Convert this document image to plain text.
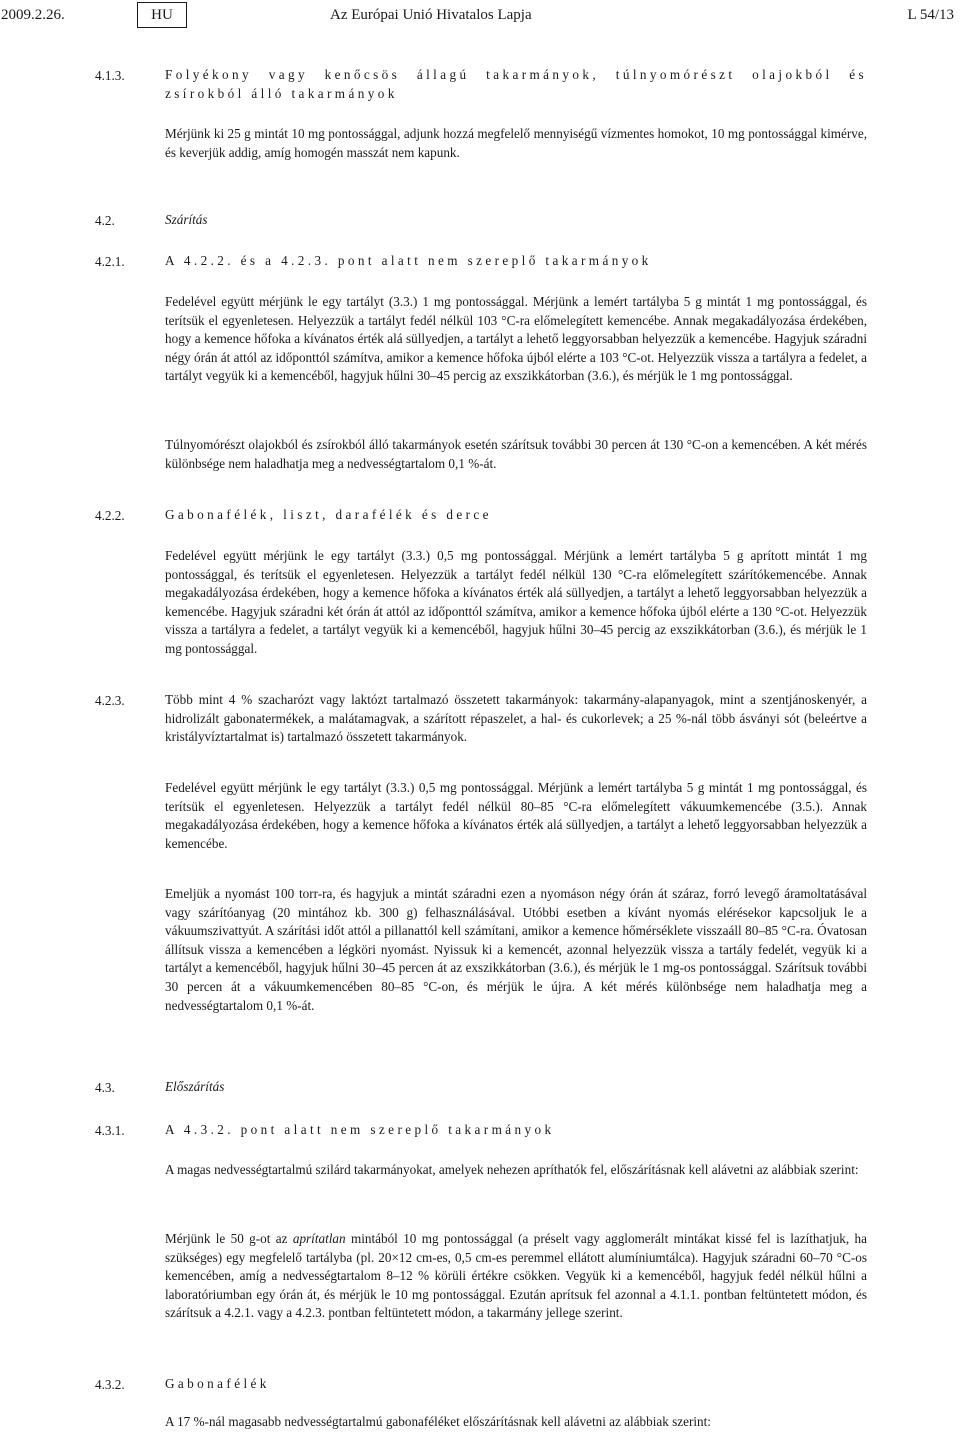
2009.2.26.	HU	Az Európai Unió Hivatalos Lapja	L 54/13
4.1.3.	Folyékony vagy kenőcsös állagú takarmányok, túlnyomórészt olajokból és zsírokból álló takarmányok
Mérjünk ki 25 g mintát 10 mg pontossággal, adjunk hozzá megfelelő mennyiségű vízmentes homokot, 10 mg pontossággal kimérve, és keverjük addig, amíg homogén masszát nem kapunk.
4.2.	Szárítás
4.2.1.	A 4.2.2. és a 4.2.3. pont alatt nem szereplő takarmányok
Fedelével együtt mérjünk le egy tartályt (3.3.) 1 mg pontossággal. Mérjünk a lemért tartályba 5 g mintát 1 mg pontossággal, és terítsük el egyenletesen. Helyezzük a tartályt fedél nélkül 103 °C-ra előmelegített kemencébe. Annak megakadályozása érdekében, hogy a kemence hőfoka a kívánatos érték alá süllyedjen, a tartályt a lehető leggyorsabban helyezzük a kemencébe. Hagyjuk száradni négy órán át attól az időponttól számítva, amikor a kemence hőfoka újból elérte a 103 °C-ot. Helyezzük vissza a tartályra a fedelet, a tartályt vegyük ki a kemencéből, hagyjuk hűlni 30–45 percig az exszikkátorban (3.6.), és mérjük le 1 mg pontossággal.
Túlnyomórészt olajokból és zsírokból álló takarmányok esetén szárítsuk további 30 percen át 130 °C-on a kemencében. A két mérés különbsége nem haladhatja meg a nedvességtartalom 0,1 %-át.
4.2.2.	Gabonafélék, liszt, darafélék és derce
Fedelével együtt mérjünk le egy tartályt (3.3.) 0,5 mg pontossággal. Mérjünk a lemért tartályba 5 g aprított mintát 1 mg pontossággal, és terítsük el egyenletesen. Helyezzük a tartályt fedél nélkül 130 °C-ra előmelegített szárítókemencébe. Annak megakadályozása érdekében, hogy a kemence hőfoka a kívánatos érték alá süllyedjen, a tartályt a lehető leggyorsabban helyezzük a kemencébe. Hagyjuk száradni két órán át attól az időponttól számítva, amikor a kemence hőfoka újból elérte a 130 °C-ot. Helyezzük vissza a tartályra a fedelet, a tartályt vegyük ki a kemencéből, hagyjuk hűlni 30–45 percig az exszikkátorban (3.6.), és mérjük le 1 mg pontossággal.
4.2.3.	Több mint 4 % szacharózt vagy laktózt tartalmazó összetett takarmányok: takarmány-alapanyagok, mint a szentjánoskenyér, a hidrolizált gabonatermékek, a malátamagvak, a szárított répaszelet, a hal- és cukorlevek; a 25 %-nál több ásványi sót (beleértve a kristályvíztartalmat is) tartalmazó összetett takarmányok.
Fedelével együtt mérjünk le egy tartályt (3.3.) 0,5 mg pontossággal. Mérjünk a lemért tartályba 5 g mintát 1 mg pontossággal, és terítsük el egyenletesen. Helyezzük a tartályt fedél nélkül 80–85 °C-ra előmelegített vákuumkemencébe (3.5.). Annak megakadályozása érdekében, hogy a kemence hőfoka a kívánatos érték alá süllyedjen, a tartályt a lehető leggyorsabban helyezzük a kemencébe.
Emeljük a nyomást 100 torr-ra, és hagyjuk a mintát száradni ezen a nyomáson négy órán át száraz, forró levegő áramoltatásával vagy szárítóanyag (20 mintához kb. 300 g) felhasználásával. Utóbbi esetben a kívánt nyomás elérésekor kapcsoljuk le a vákuumszivattyút. A szárítási időt attól a pillanattól kell számítani, amikor a kemence hőmérséklete visszaáll 80–85 °C-ra. Óvatosan állítsuk vissza a kemencében a légköri nyomást. Nyissuk ki a kemencét, azonnal helyezzük vissza a tartály fedelét, vegyük ki a tartályt a kemencéből, hagyjuk hűlni 30–45 percen át az exszikkátorban (3.6.), és mérjük le 1 mg-os pontossággal. Szárítsuk további 30 percen át a vákuumkemencében 80–85 °C-on, és mérjük le újra. A két mérés különbsége nem haladhatja meg a nedvességtartalom 0,1 %-át.
4.3.	Előszárítás
4.3.1.	A 4.3.2. pont alatt nem szereplő takarmányok
A magas nedvességtartalmú szilárd takarmányokat, amelyek nehezen apríthatók fel, előszárításnak kell alávetni az alábbiak szerint:
Mérjünk le 50 g-ot az aprítatlan mintából 10 mg pontossággal (a préselt vagy agglomerált mintákat kissé fel is lazíthatjuk, ha szükséges) egy megfelelő tartályba (pl. 20×12 cm-es, 0,5 cm-es peremmel ellátott alumíniumtálca). Hagyjuk száradni 60–70 °C-os kemencében, amíg a nedvességtartalom 8–12 % körüli értékre csökken. Vegyük ki a kemencéből, hagyjuk fedél nélkül hűlni a laboratóriumban egy órán át, és mérjük le 10 mg pontossággal. Ezután aprítsuk fel azonnal a 4.1.1. pontban feltüntetett módon, és szárítsuk a 4.2.1. vagy a 4.2.3. pontban feltüntetett módon, a takarmány jellege szerint.
4.3.2.	Gabonafélék
A 17 %-nál magasabb nedvességtartalmú gabonaféléket előszárításnak kell alávetni az alábbiak szerint:
